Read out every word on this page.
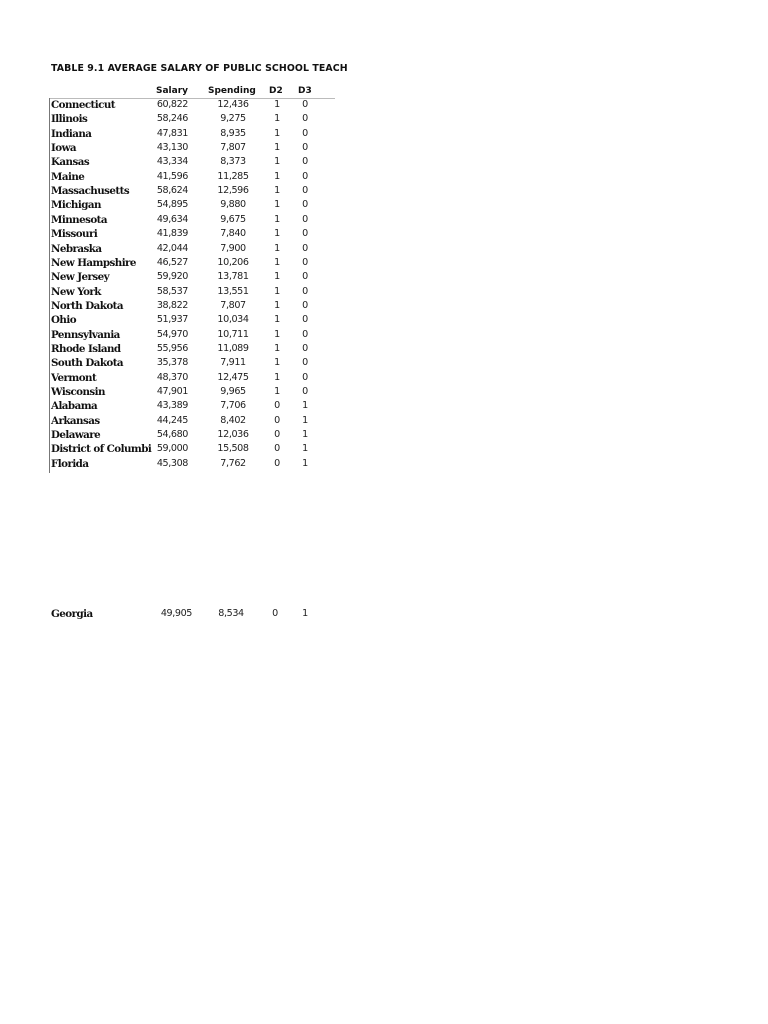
TABLE 9.1 AVERAGE SALARY OF PUBLIC SCHOOL TEACH
Salary Spending D2 D3
Connecticut	60,822	12,436	1	0
Illinois	58,246	9,275	1	0
Indiana	47,831	8,935	1	0
Iowa	43,130	7,807	1	0
Kansas	43,334	8,373	1	0
Maine	41,596	11,285	1	0
Massachusetts	58,624	12,596	1	0
Michigan	54,895	9,880	1	0
Minnesota	49,634	9,675	1	0
Missouri	41,839	7,840	1	0
Nebraska	42,044	7,900	1	0
New Hampshire	46,527	10,206	1	0
New Jersey	59,920	13,781	1	0
New York	58,537	13,551	1	0
North Dakota	38,822	7,807	1	0
Ohio	51,937	10,034	1	0
Pennsylvania	54,970	10,711	1	0
Rhode Island	55,956	11,089	1	0
South Dakota	35,378	7,911	1	0
Vermont	48,370	12,475	1	0
Wisconsin	47,901	9,965	1	0
Alabama	43,389	7,706	0	1
Arkansas	44,245	8,402	0	1
Delaware	54,680	12,036	0	1
District of Columbi 59,000	15,508	0	1
Florida	45,308	7,762	0	1
Georgia	49,905	8,534	0	1
